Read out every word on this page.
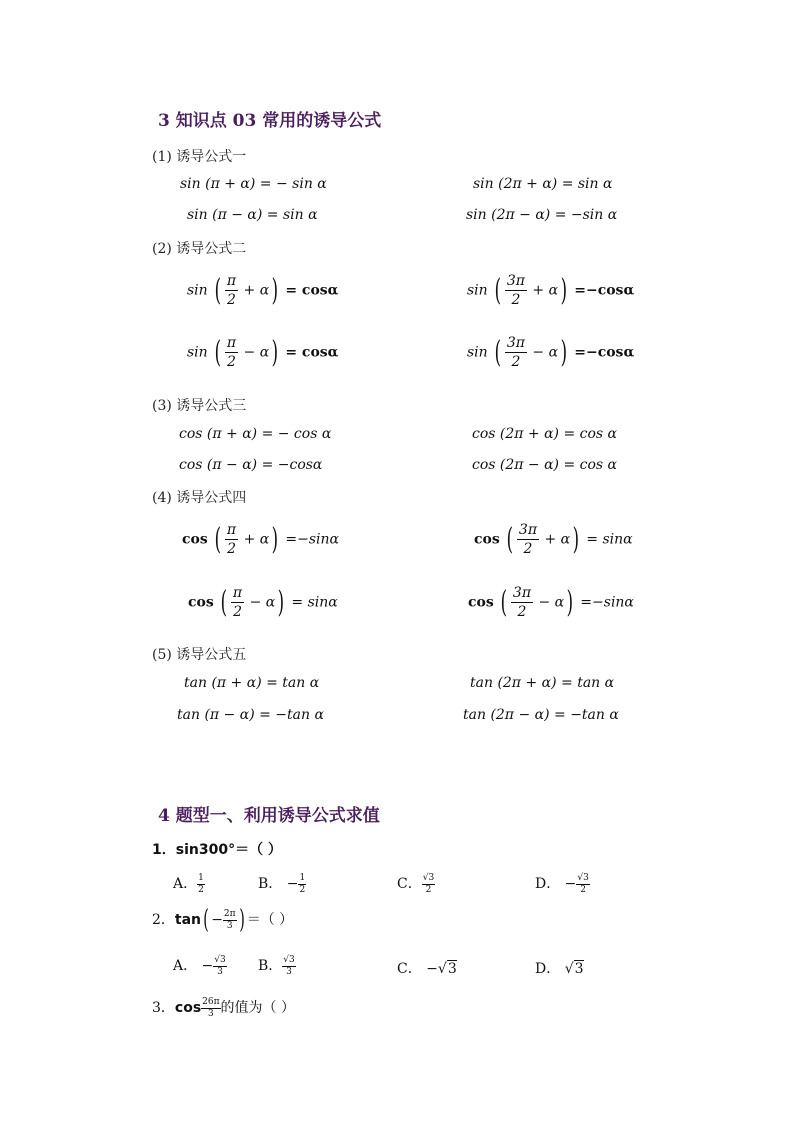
3 知识点 03 常用的诱导公式
(1) 诱导公式一
sin (π + α) = − sin α	sin (2π + α) = sin α
sin (π − α) = sin α	sin (2π − α) = −sin α
(2) 诱导公式二
sin ( $\frac{\pi}{2} + \alpha) = \cos\alpha$	sin ( $\frac{3\pi}{2} + \alpha) =-\cos\alpha$
sin ( $\frac{\pi}{2} - \alpha) = \cos\alpha$	sin ( $\frac{3\pi}{2} - \alpha) =-\cos\alpha$
(3) 诱导公式三
cos (π + α) = − cos α	cos (2π + α) = cos α
cos (π − α) = −cosα	cos (2π − α) = cos α
(4) 诱导公式四
cos ( $\frac{\pi}{2} + \alpha) =-\sin\alpha$	cos ( $\frac{3\pi}{2} + \alpha) = \sin\alpha$
cos ( $\frac{\pi}{2} - \alpha) = \sin\alpha$	cos ( $\frac{3\pi}{2} - \alpha) =-\sin\alpha$
(5) 诱导公式五
tan (π + α) = tan α	tan (2π + α) = tan α
tan (π − α) = −tan α	tan (2π − α) = −tan α
4 题型一、利用诱导公式求值
1．sin300°＝（ ）
A． $\frac{1}{2}$	B． − $\frac{1}{2}$	C． $\frac{√3}{2}$	D． − $\frac{√3}{2}$
2．$\tan( - \frac{2\pi}{3}$ ) ＝（ ）
A． − $\frac{√3}{3}$ B． $\frac{√3}{3}$	C． −√3	D． √3
3．$\cos \frac{26\pi}{3}$ 的值为（ ）
